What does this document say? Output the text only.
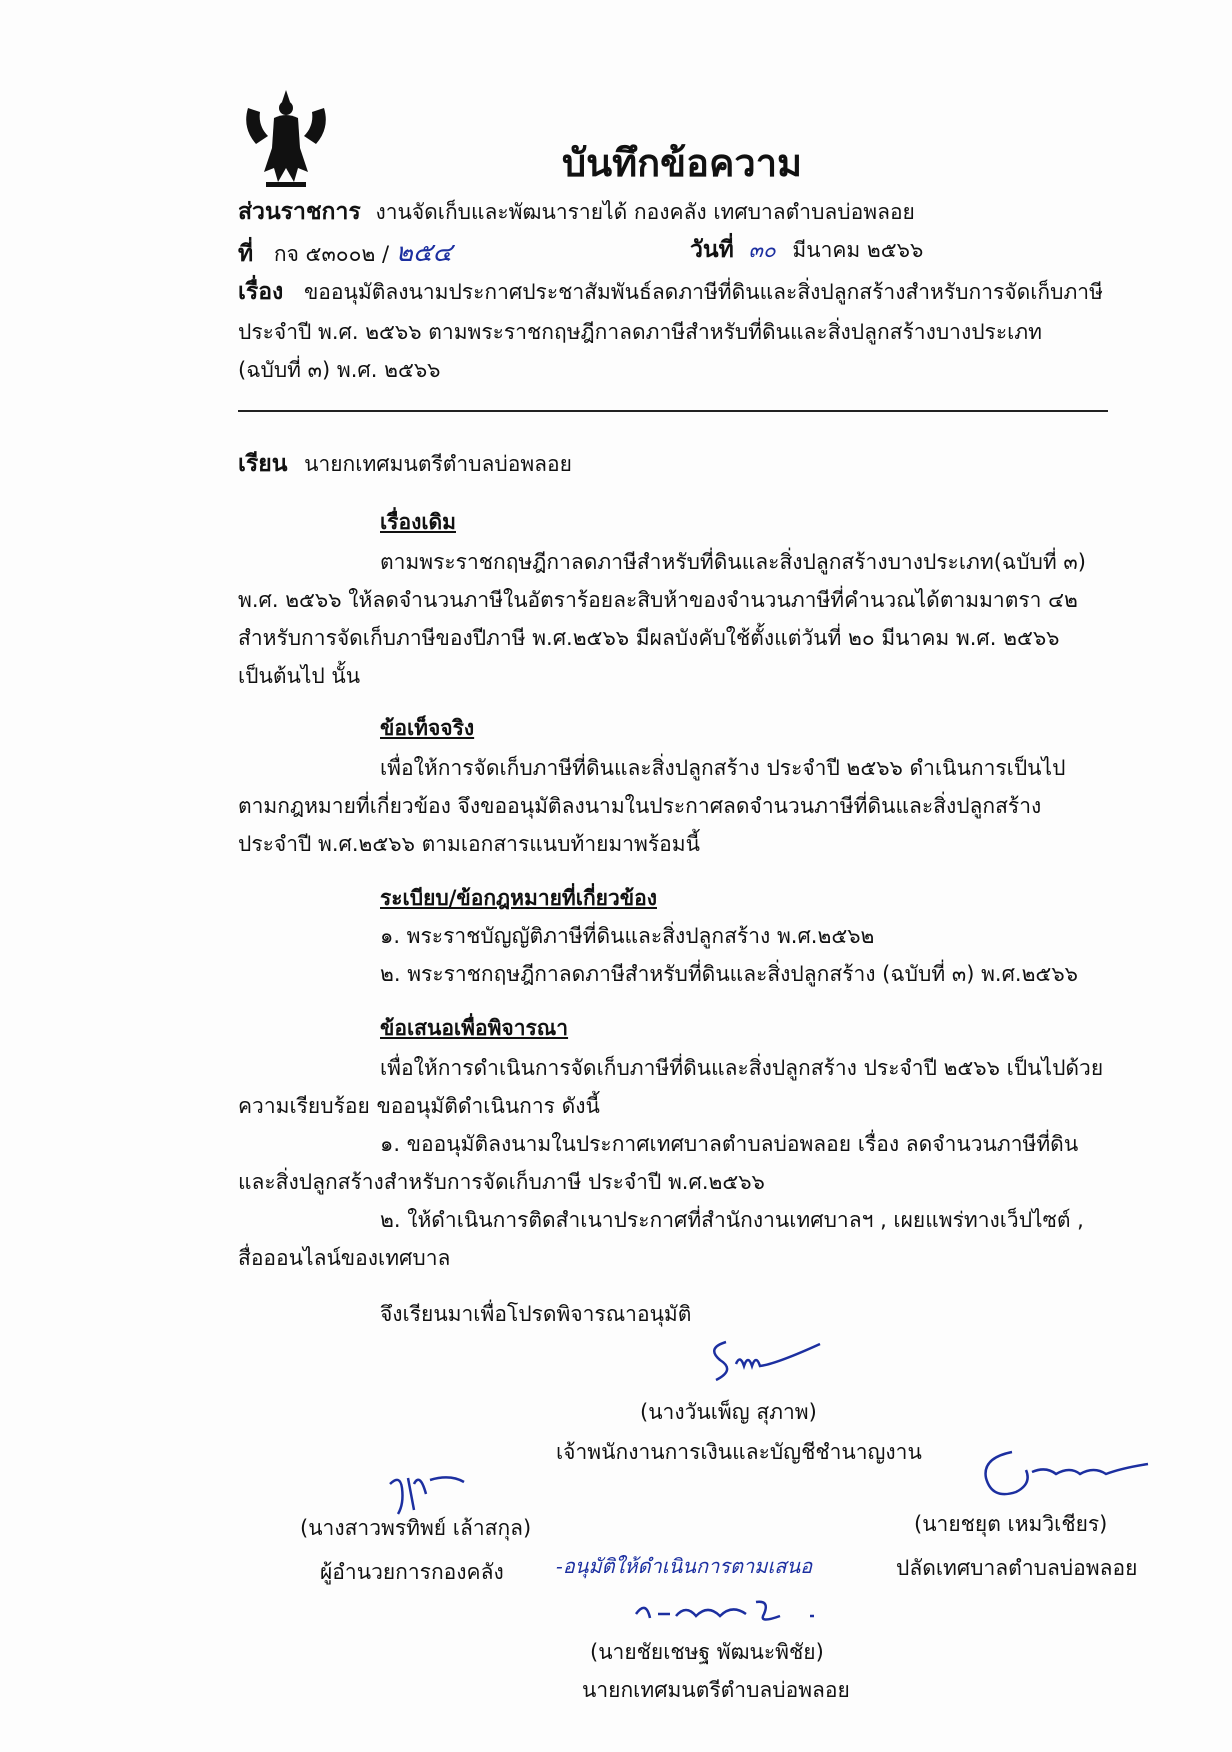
บันทึกข้อความ
ส่วนราชการ งานจัดเก็บและพัฒนารายได้ กองคลัง เทศบาลตำบลบ่อพลอย
ที่ กจ ๕๓๐๐๒ / ๒๕๔	วันที่ ๓๐ มีนาคม ๒๕๖๖
เรื่อง ขออนุมัติลงนามประกาศประชาสัมพันธ์ลดภาษีที่ดินและสิ่งปลูกสร้างสำหรับการจัดเก็บภาษี
ประจำปี พ.ศ. ๒๕๖๖ ตามพระราชกฤษฎีกาลดภาษีสำหรับที่ดินและสิ่งปลูกสร้างบางประเภท
(ฉบับที่ ๓) พ.ศ. ๒๕๖๖
เรียน นายกเทศมนตรีตำบลบ่อพลอย
เรื่องเดิม
ตามพระราชกฤษฎีกาลดภาษีสำหรับที่ดินและสิ่งปลูกสร้างบางประเภท(ฉบับที่ ๓)
พ.ศ. ๒๕๖๖ ให้ลดจำนวนภาษีในอัตราร้อยละสิบห้าของจำนวนภาษีที่คำนวณได้ตามมาตรา ๔๒
สำหรับการจัดเก็บภาษีของปีภาษี พ.ศ.๒๕๖๖ มีผลบังคับใช้ตั้งแต่วันที่ ๒๐ มีนาคม พ.ศ. ๒๕๖๖
เป็นต้นไป นั้น
ข้อเท็จจริง
เพื่อให้การจัดเก็บภาษีที่ดินและสิ่งปลูกสร้าง ประจำปี ๒๕๖๖ ดำเนินการเป็นไป
ตามกฎหมายที่เกี่ยวข้อง จึงขออนุมัติลงนามในประกาศลดจำนวนภาษีที่ดินและสิ่งปลูกสร้าง
ประจำปี พ.ศ.๒๕๖๖ ตามเอกสารแนบท้ายมาพร้อมนี้
ระเบียบ/ข้อกฎหมายที่เกี่ยวข้อง
๑. พระราชบัญญัติภาษีที่ดินและสิ่งปลูกสร้าง พ.ศ.๒๕๖๒
๒. พระราชกฤษฎีกาลดภาษีสำหรับที่ดินและสิ่งปลูกสร้าง (ฉบับที่ ๓) พ.ศ.๒๕๖๖
ข้อเสนอเพื่อพิจารณา
เพื่อให้การดำเนินการจัดเก็บภาษีที่ดินและสิ่งปลูกสร้าง ประจำปี ๒๕๖๖ เป็นไปด้วย
ความเรียบร้อย ขออนุมัติดำเนินการ ดังนี้
๑. ขออนุมัติลงนามในประกาศเทศบาลตำบลบ่อพลอย เรื่อง ลดจำนวนภาษีที่ดิน
และสิ่งปลูกสร้างสำหรับการจัดเก็บภาษี ประจำปี พ.ศ.๒๕๖๖
๒. ให้ดำเนินการติดสำเนาประกาศที่สำนักงานเทศบาลฯ , เผยแพร่ทางเว็ปไซต์ ,
สื่อออนไลน์ของเทศบาล
จึงเรียนมาเพื่อโปรดพิจารณาอนุมัติ
(นางวันเพ็ญ สุภาพ)
เจ้าพนักงานการเงินและบัญชีชำนาญงาน
(นางสาวพรทิพย์ เล้าสกุล)
ผู้อำนวยการกองคลัง
(นายชยุต เหมวิเชียร)
ปลัดเทศบาลตำบลบ่อพลอย
-อนุมัติให้ดำเนินการตามเสนอ
(นายชัยเชษฐ พัฒนะพิชัย)
นายกเทศมนตรีตำบลบ่อพลอย
